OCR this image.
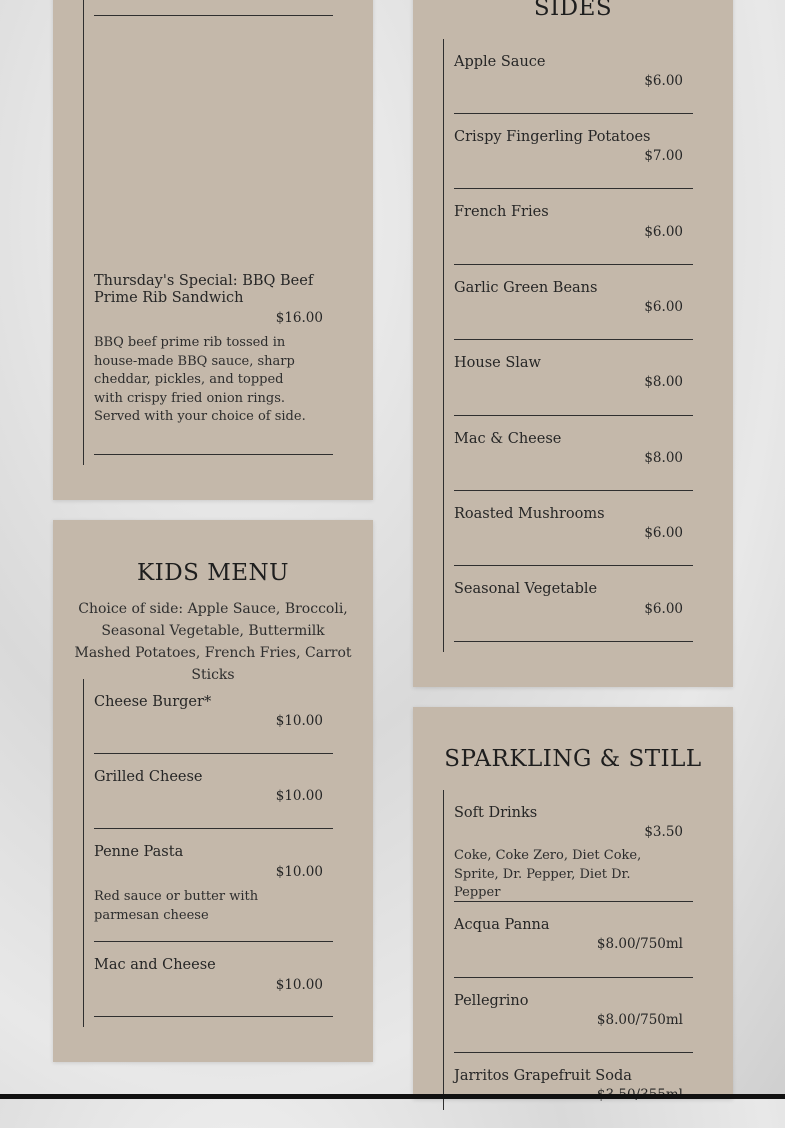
Thursday's Special: BBQ Beef Prime Rib Sandwich
$16.00
BBQ beef prime rib tossed in house-made BBQ sauce, sharp cheddar, pickles, and topped with crispy fried onion rings. Served with your choice of side.
KIDS MENU
Choice of side: Apple Sauce, Broccoli, Seasonal Vegetable, Buttermilk Mashed Potatoes, French Fries, Carrot Sticks
Cheese Burger*
$10.00
Grilled Cheese
$10.00
Penne Pasta
$10.00
Red sauce or butter with parmesan cheese
Mac and Cheese
$10.00
SIDES
Apple Sauce
$6.00
Crispy Fingerling Potatoes
$7.00
French Fries
$6.00
Garlic Green Beans
$6.00
House Slaw
$8.00
Mac & Cheese
$8.00
Roasted Mushrooms
$6.00
Seasonal Vegetable
$6.00
SPARKLING & STILL
Soft Drinks
$3.50
Coke, Coke Zero, Diet Coke, Sprite, Dr. Pepper, Diet Dr. Pepper
Acqua Panna
$8.00/750ml
Pellegrino
$8.00/750ml
Jarritos Grapefruit Soda
